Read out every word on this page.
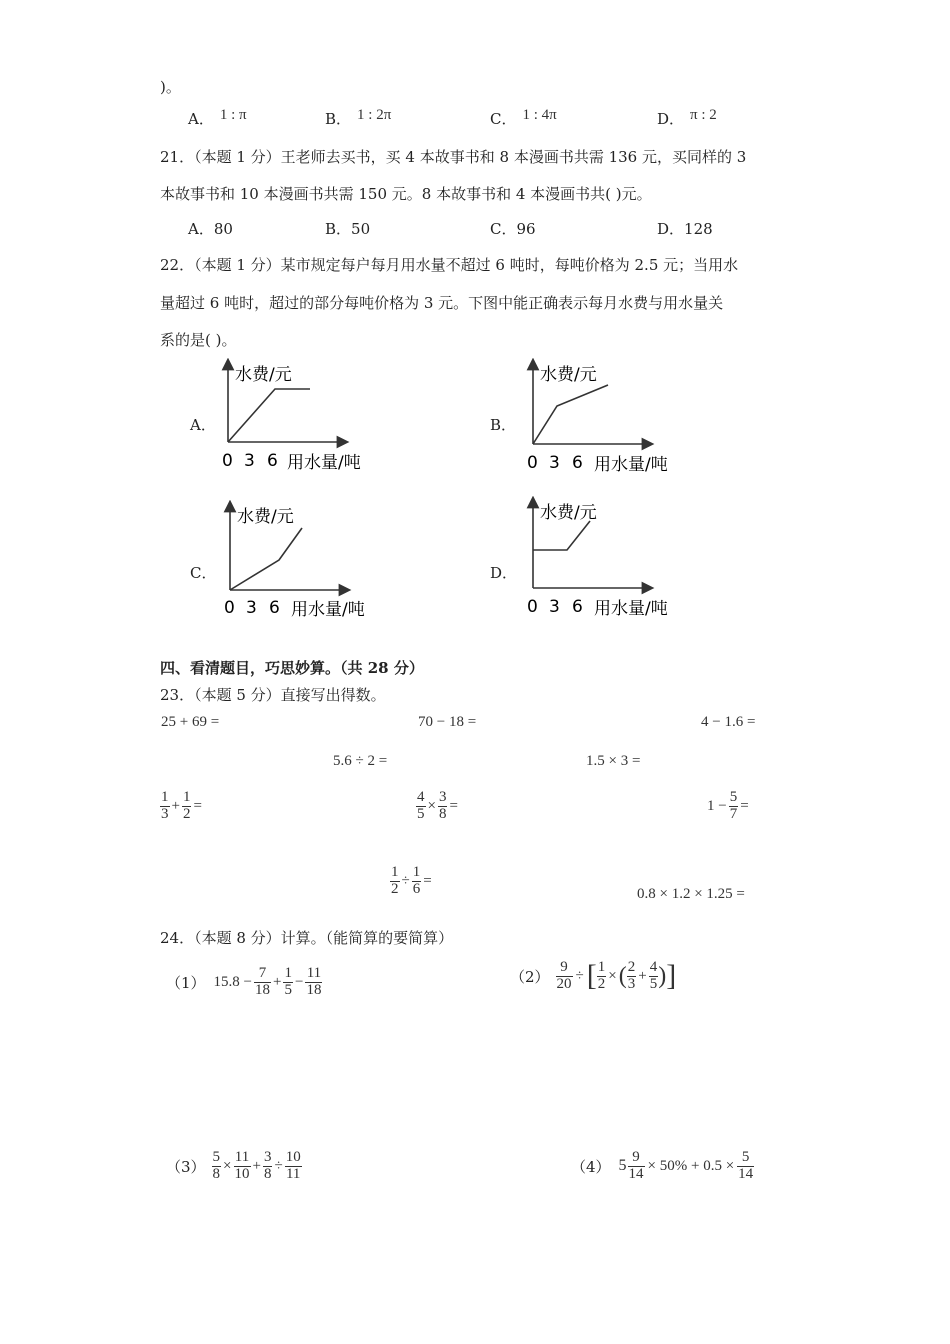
)。
A． 1 : π	B． 1 : 2π	C． 1 : 4π	D． π : 2
21．（本题 1 分）王老师去买书，买 4 本故事书和 8 本漫画书共需 136 元，买同样的 3
本故事书和 10 本漫画书共需 150 元。8 本故事书和 4 本漫画书共( )元。
A．80	B．50	C．96	D．128
22．（本题 1 分）某市规定每户每月用水量不超过 6 吨时，每吨价格为 2.5 元；当用水
量超过 6 吨时，超过的部分每吨价格为 3 元。下图中能正确表示每月水费与用水量关
系的是( )。
A．
水费/元
0 3 6 用水量/吨
B．
水费/元
0 3 6 用水量/吨
C．
水费/元
0 3 6 用水量/吨
D．
水费/元
0 3 6 用水量/吨
四、看清题目，巧思妙算。（共 28 分）
23．（本题 5 分）直接写出得数。
25 + 69 =	70 − 18 =	4 − 1.6 =
5.6 ÷ 2 =	1.5 × 3 =
$\frac{1}{3} + \frac{1}{2}$ =	$\frac{4}{5} \times \frac{3}{8}$ =	$1 - \frac{5}{7}$ =
$\frac{1}{2} \div \frac{1}{6}$ =
0.8 × 1.2 × 1.25 =
24．（本题 8 分）计算。（能简算的要简算）
（1） $15.8 - \frac{7}{18} + \frac{1}{5} - \frac{11}{18}$	$(2) \frac{9}{20}$ ÷ [ $\frac{1}{2}$ × ( $\frac{2}{3} + \frac{4}{5}$ ) ]
$(3) \frac{5}{8} \times \frac{11}{10} + \frac{3}{8} \div \frac{10}{11}$	（4） $5 \frac{9}{14} \times 50\% + 0.5 \times \frac{5}{14}$
